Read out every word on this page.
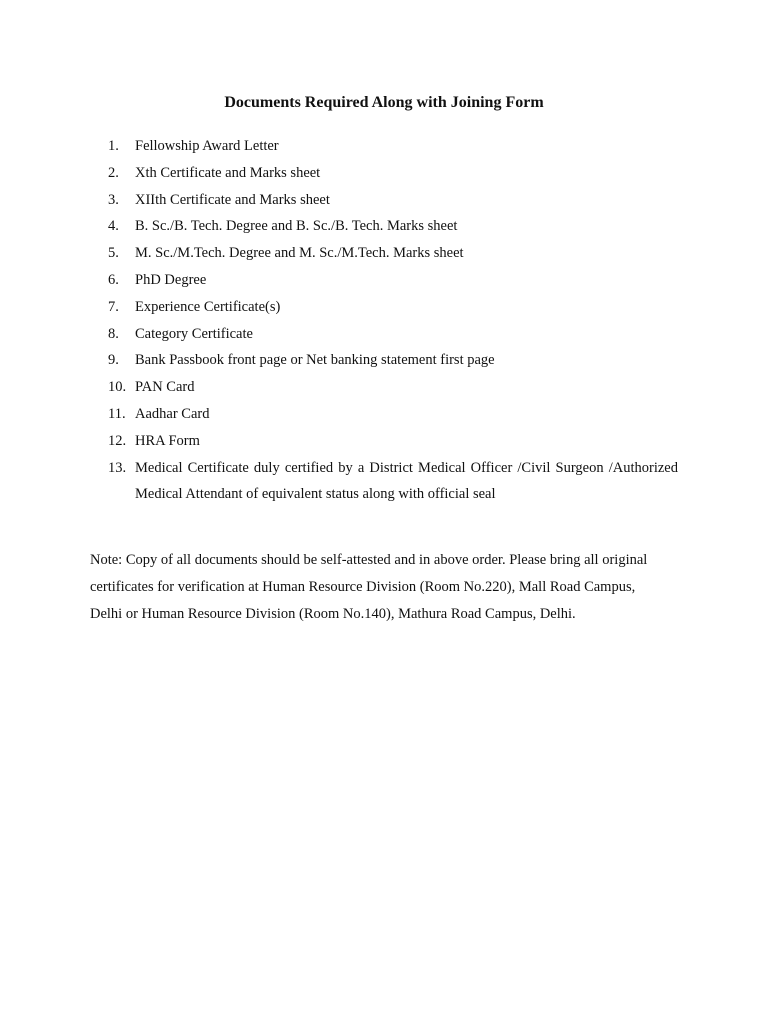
Documents Required Along with Joining Form
1.	Fellowship Award Letter
2.	Xth Certificate and Marks sheet
3.	XIIth Certificate and Marks sheet
4.	B. Sc./B. Tech. Degree and B. Sc./B. Tech. Marks sheet
5.	M. Sc./M.Tech. Degree and M. Sc./M.Tech. Marks sheet
6.	PhD Degree
7.	Experience Certificate(s)
8.	Category Certificate
9.	Bank Passbook front page or Net banking statement first page
10. PAN Card
11. Aadhar Card
12. HRA Form
13. Medical Certificate duly certified by a District Medical Officer /Civil Surgeon /Authorized Medical Attendant of equivalent status along with official seal

Note: Copy of all documents should be self-attested and in above order. Please bring all original
certificates for verification at Human Resource Division (Room No.220), Mall Road Campus,
Delhi or Human Resource Division (Room No.140), Mathura Road Campus, Delhi.
